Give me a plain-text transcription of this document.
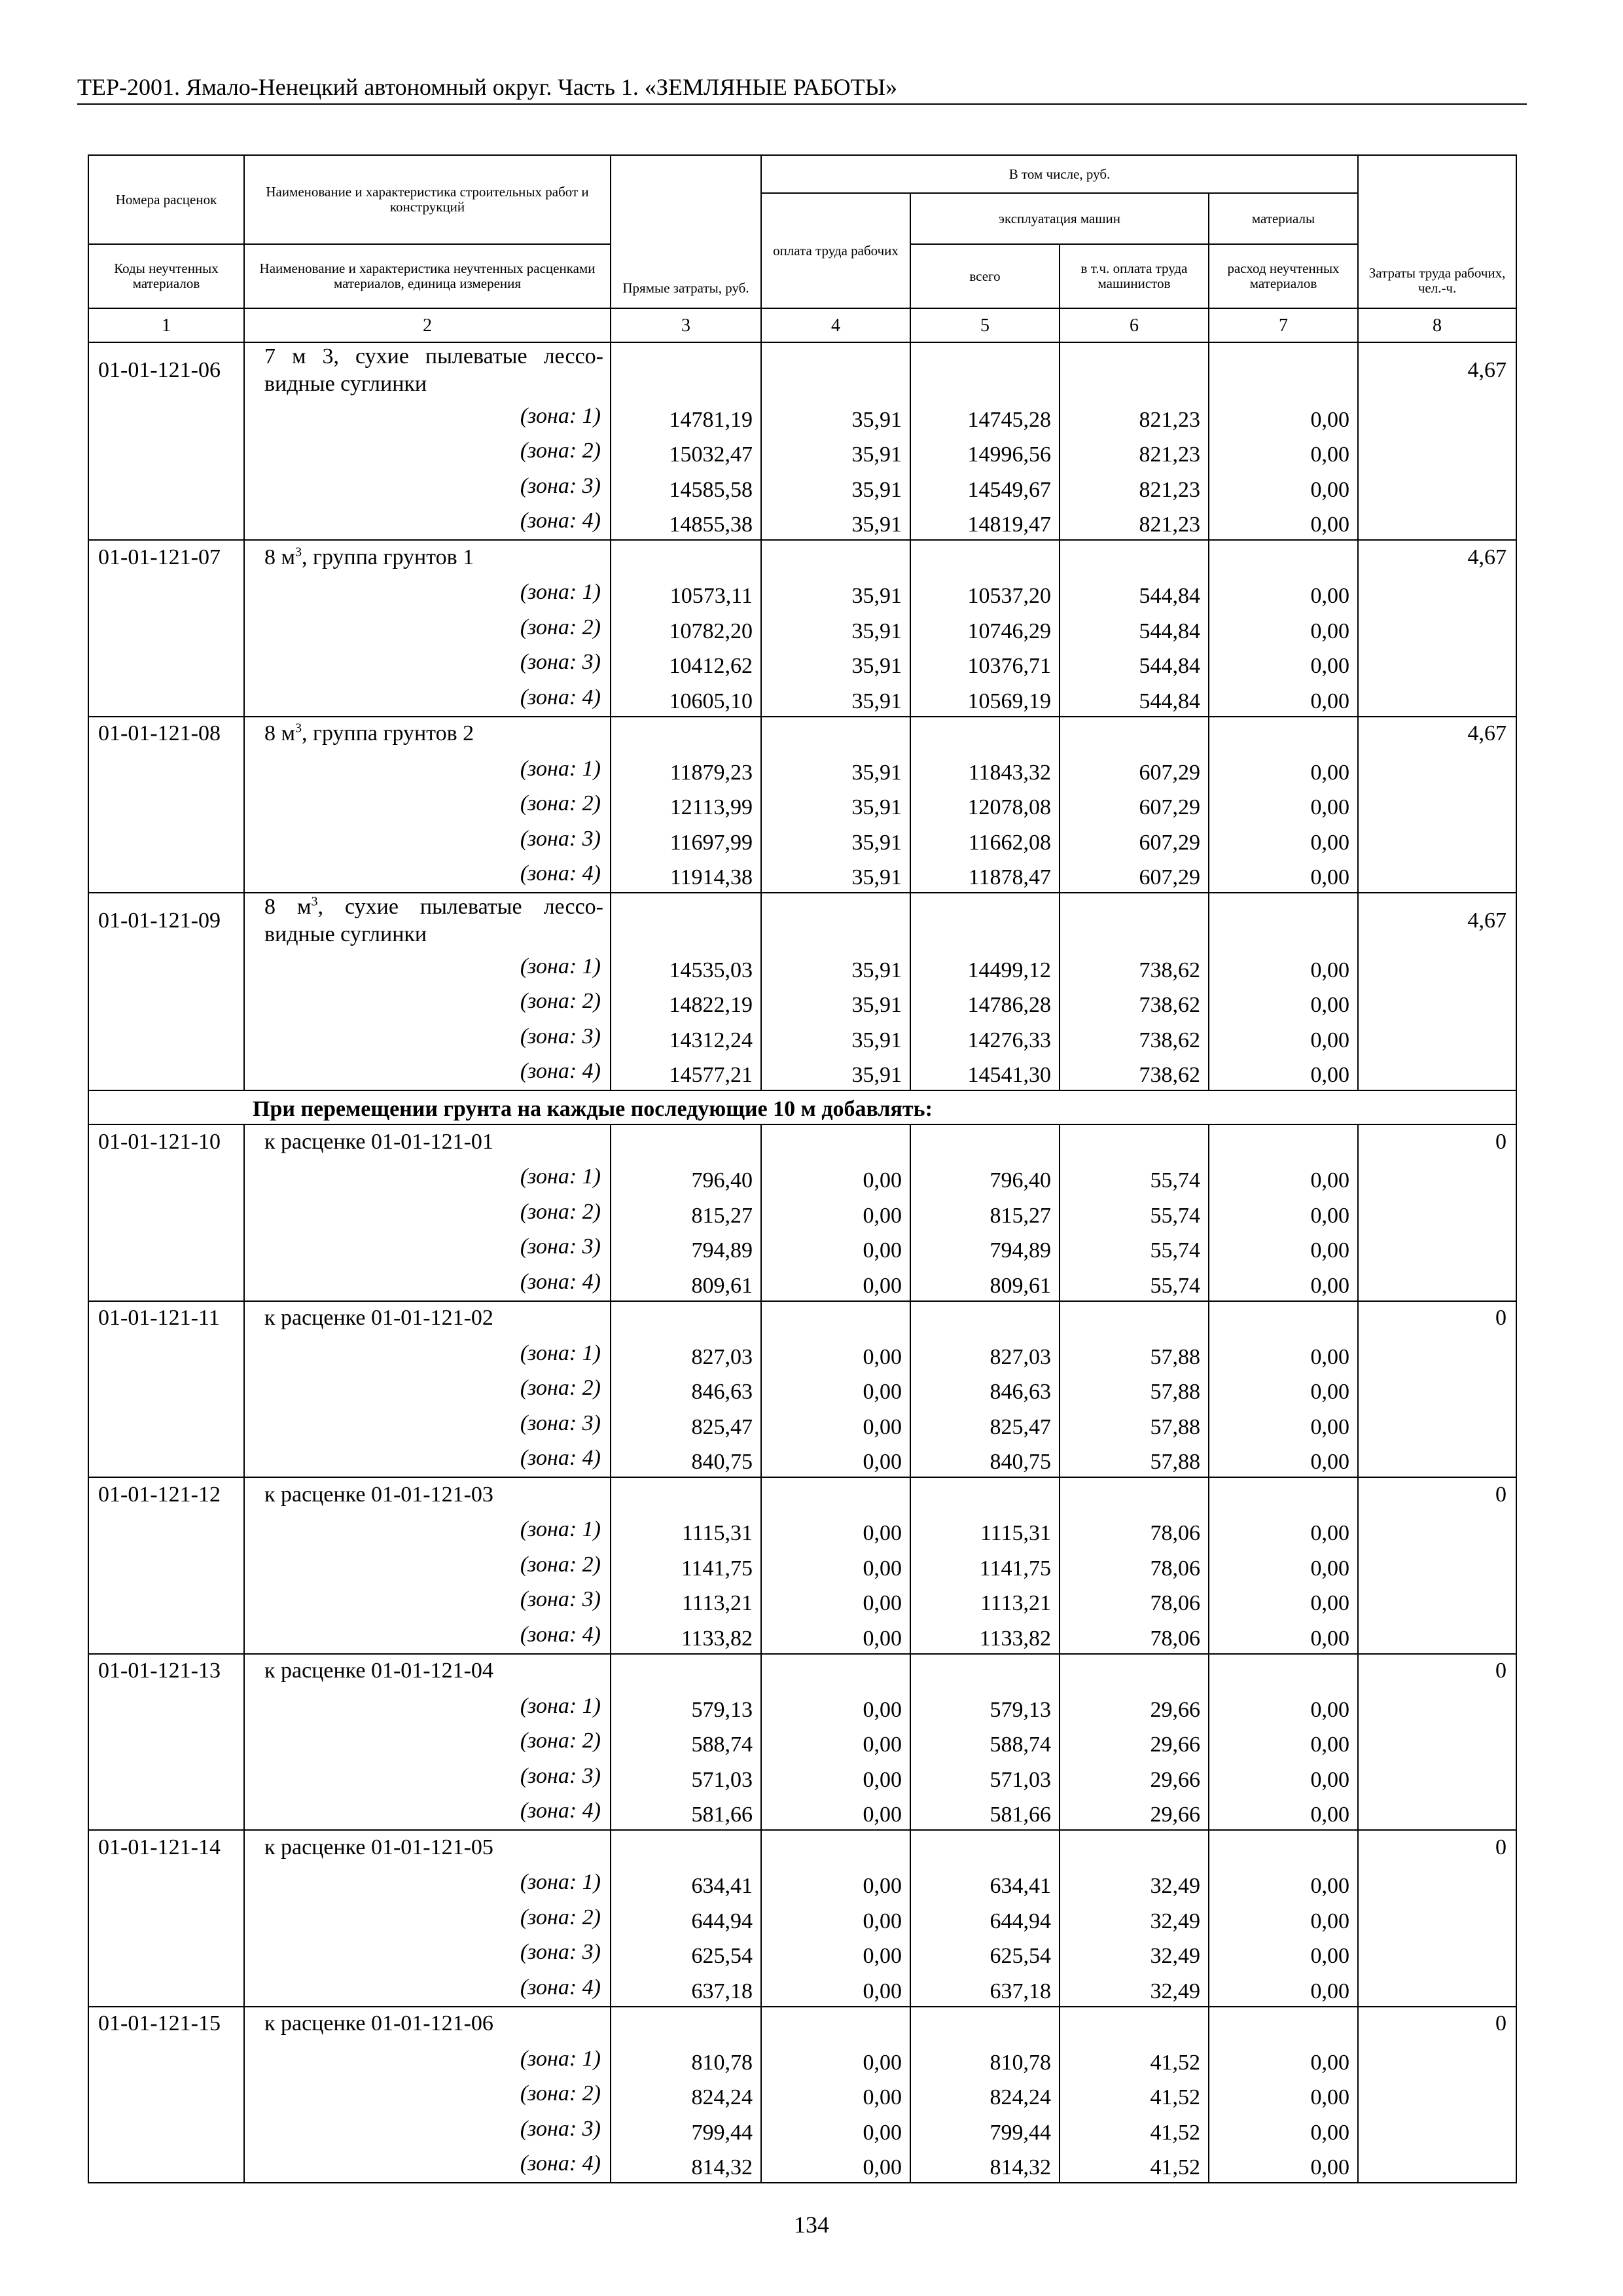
ТЕР-2001. Ямало-Ненецкий автономный округ. Часть 1. «ЗЕМЛЯНЫЕ РАБОТЫ»
Номера расценок	Наименование и характеристика строительных работ и конструкций	Прямые затраты, руб.	В том числе, руб.				Затраты труда рабочих, чел.-ч.
			оплата труда рабочих	эксплуатация машин		материалы	
Коды неучтенных материалов	Наименование и характеристика неучтенных расценками материалов, единица измерения			всего	в т.ч. оплата труда машинистов	расход неучтенных материалов	
1	2	3	4	5	6	7	8
01-01-121-06	7 м 3, сухие пылеватые лессо-видные суглинки						4,67
	(зона: 1)	14781,19	35,91	14745,28	821,23	0,00	
	(зона: 2)	15032,47	35,91	14996,56	821,23	0,00	
	(зона: 3)	14585,58	35,91	14549,67	821,23	0,00	
	(зона: 4)	14855,38	35,91	14819,47	821,23	0,00	
01-01-121-07	8 $м^3$, группа грунтов 1						4,67
	(зона: 1)	10573,11	35,91	10537,20	544,84	0,00	
	(зона: 2)	10782,20	35,91	10746,29	544,84	0,00	
	(зона: 3)	10412,62	35,91	10376,71	544,84	0,00	
	(зона: 4)	10605,10	35,91	10569,19	544,84	0,00	
01-01-121-08	8 $м^3$, группа грунтов 2						4,67
	(зона: 1)	11879,23	35,91	11843,32	607,29	0,00	
	(зона: 2)	12113,99	35,91	12078,08	607,29	0,00	
	(зона: 3)	11697,99	35,91	11662,08	607,29	0,00	
	(зона: 4)	11914,38	35,91	11878,47	607,29	0,00	
01-01-121-09	8 $м^3$, сухие пылеватые лессо-видные суглинки						4,67
	(зона: 1)	14535,03	35,91	14499,12	738,62	0,00	
	(зона: 2)	14822,19	35,91	14786,28	738,62	0,00	
	(зона: 3)	14312,24	35,91	14276,33	738,62	0,00	
	(зона: 4)	14577,21	35,91	14541,30	738,62	0,00	
При перемещении грунта на каждые последующие 10 м добавлять:							
01-01-121-10	к расценке 01-01-121-01						0
	(зона: 1)	796,40	0,00	796,40	55,74	0,00	
	(зона: 2)	815,27	0,00	815,27	55,74	0,00	
	(зона: 3)	794,89	0,00	794,89	55,74	0,00	
	(зона: 4)	809,61	0,00	809,61	55,74	0,00	
01-01-121-11	к расценке 01-01-121-02						0
	(зона: 1)	827,03	0,00	827,03	57,88	0,00	
	(зона: 2)	846,63	0,00	846,63	57,88	0,00	
	(зона: 3)	825,47	0,00	825,47	57,88	0,00	
	(зона: 4)	840,75	0,00	840,75	57,88	0,00	
01-01-121-12	к расценке 01-01-121-03						0
	(зона: 1)	1115,31	0,00	1115,31	78,06	0,00	
	(зона: 2)	1141,75	0,00	1141,75	78,06	0,00	
	(зона: 3)	1113,21	0,00	1113,21	78,06	0,00	
	(зона: 4)	1133,82	0,00	1133,82	78,06	0,00	
01-01-121-13	к расценке 01-01-121-04						0
	(зона: 1)	579,13	0,00	579,13	29,66	0,00	
	(зона: 2)	588,74	0,00	588,74	29,66	0,00	
	(зона: 3)	571,03	0,00	571,03	29,66	0,00	
	(зона: 4)	581,66	0,00	581,66	29,66	0,00	
01-01-121-14	к расценке 01-01-121-05						0
	(зона: 1)	634,41	0,00	634,41	32,49	0,00	
	(зона: 2)	644,94	0,00	644,94	32,49	0,00	
	(зона: 3)	625,54	0,00	625,54	32,49	0,00	
	(зона: 4)	637,18	0,00	637,18	32,49	0,00	
01-01-121-15	к расценке 01-01-121-06						0
	(зона: 1)	810,78	0,00	810,78	41,52	0,00	
	(зона: 2)	824,24	0,00	824,24	41,52	0,00	
	(зона: 3)	799,44	0,00	799,44	41,52	0,00	
	(зона: 4)	814,32	0,00	814,32	41,52	0,00	
134
